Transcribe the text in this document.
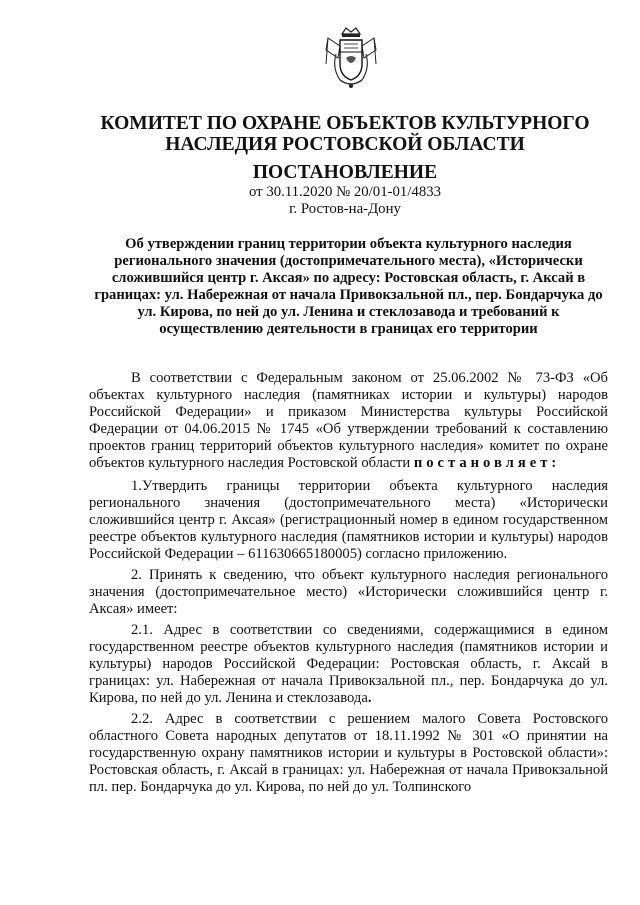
КОМИТЕТ ПО ОХРАНЕ ОБЪЕКТОВ КУЛЬТУРНОГО НАСЛЕДИЯ РОСТОВСКОЙ ОБЛАСТИ
ПОСТАНОВЛЕНИЕ
от 30.11.2020 № 20/01-01/4833
г. Ростов-на-Дону
Об утверждении границ территории объекта культурного наследия регионального значения (достопримечательного места), «Исторически сложившийся центр г. Аксая» по адресу: Ростовская область, г. Аксай в границах: ул. Набережная от начала Привокзальной пл., пер. Бондарчука до ул. Кирова, по ней до ул. Ленина и стеклозавода и требований к осуществлению деятельности в границах его территории

В соответствии с Федеральным законом от 25.06.2002 № 73-ФЗ «Об объектах культурного наследия (памятниках истории и культуры) народов Российской Федерации» и приказом Министерства культуры Российской Федерации от 04.06.2015 № 1745 «Об утверждении требований к составлению проектов границ территорий объектов культурного наследия» комитет по охране объектов культурного наследия Ростовской области постановляет:

1.Утвердить границы территории объекта культурного наследия регионального значения (достопримечательного места) «Исторически сложившийся центр г. Аксая» (регистрационный номер в едином государственном реестре объектов культурного наследия (памятников истории и культуры) народов Российской Федерации – 611630665180005) согласно приложению.

2. Принять к сведению, что объект культурного наследия регионального значения (достопримечательное место) «Исторически сложившийся центр г. Аксая» имеет:

2.1. Адрес в соответствии со сведениями, содержащимися в едином государственном реестре объектов культурного наследия (памятников истории и культуры) народов Российской Федерации: Ростовская область, г. Аксай в границах: ул. Набережная от начала Привокзальной пл., пер. Бондарчука до ул. Кирова, по ней до ул. Ленина и стеклозавода.

2.2. Адрес в соответствии с решением малого Совета Ростовского областного Совета народных депутатов от 18.11.1992 № 301 «О принятии на государственную охрану памятников истории и культуры в Ростовской области»: Ростовская область, г. Аксай в границах: ул. Набережная от начала Привокзальной пл. пер. Бондарчука до ул. Кирова, по ней до ул. Толпинского
